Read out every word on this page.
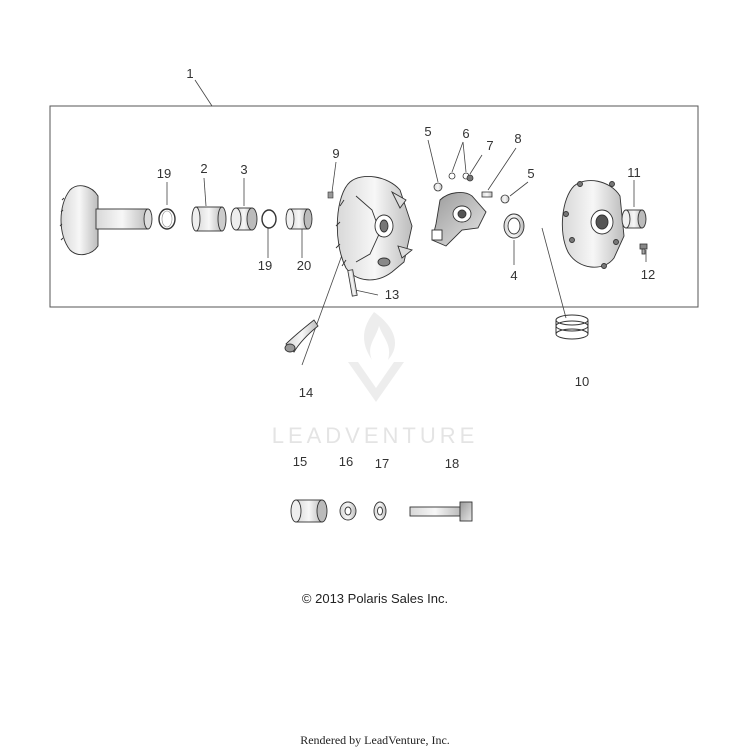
LEADVENTURE
1
2	3
4
5
5
6
7 8
9
10
11
12
13
14
15 16 17	18
19
19 20
© 2013 Polaris Sales Inc.
Rendered by LeadVenture, Inc.
